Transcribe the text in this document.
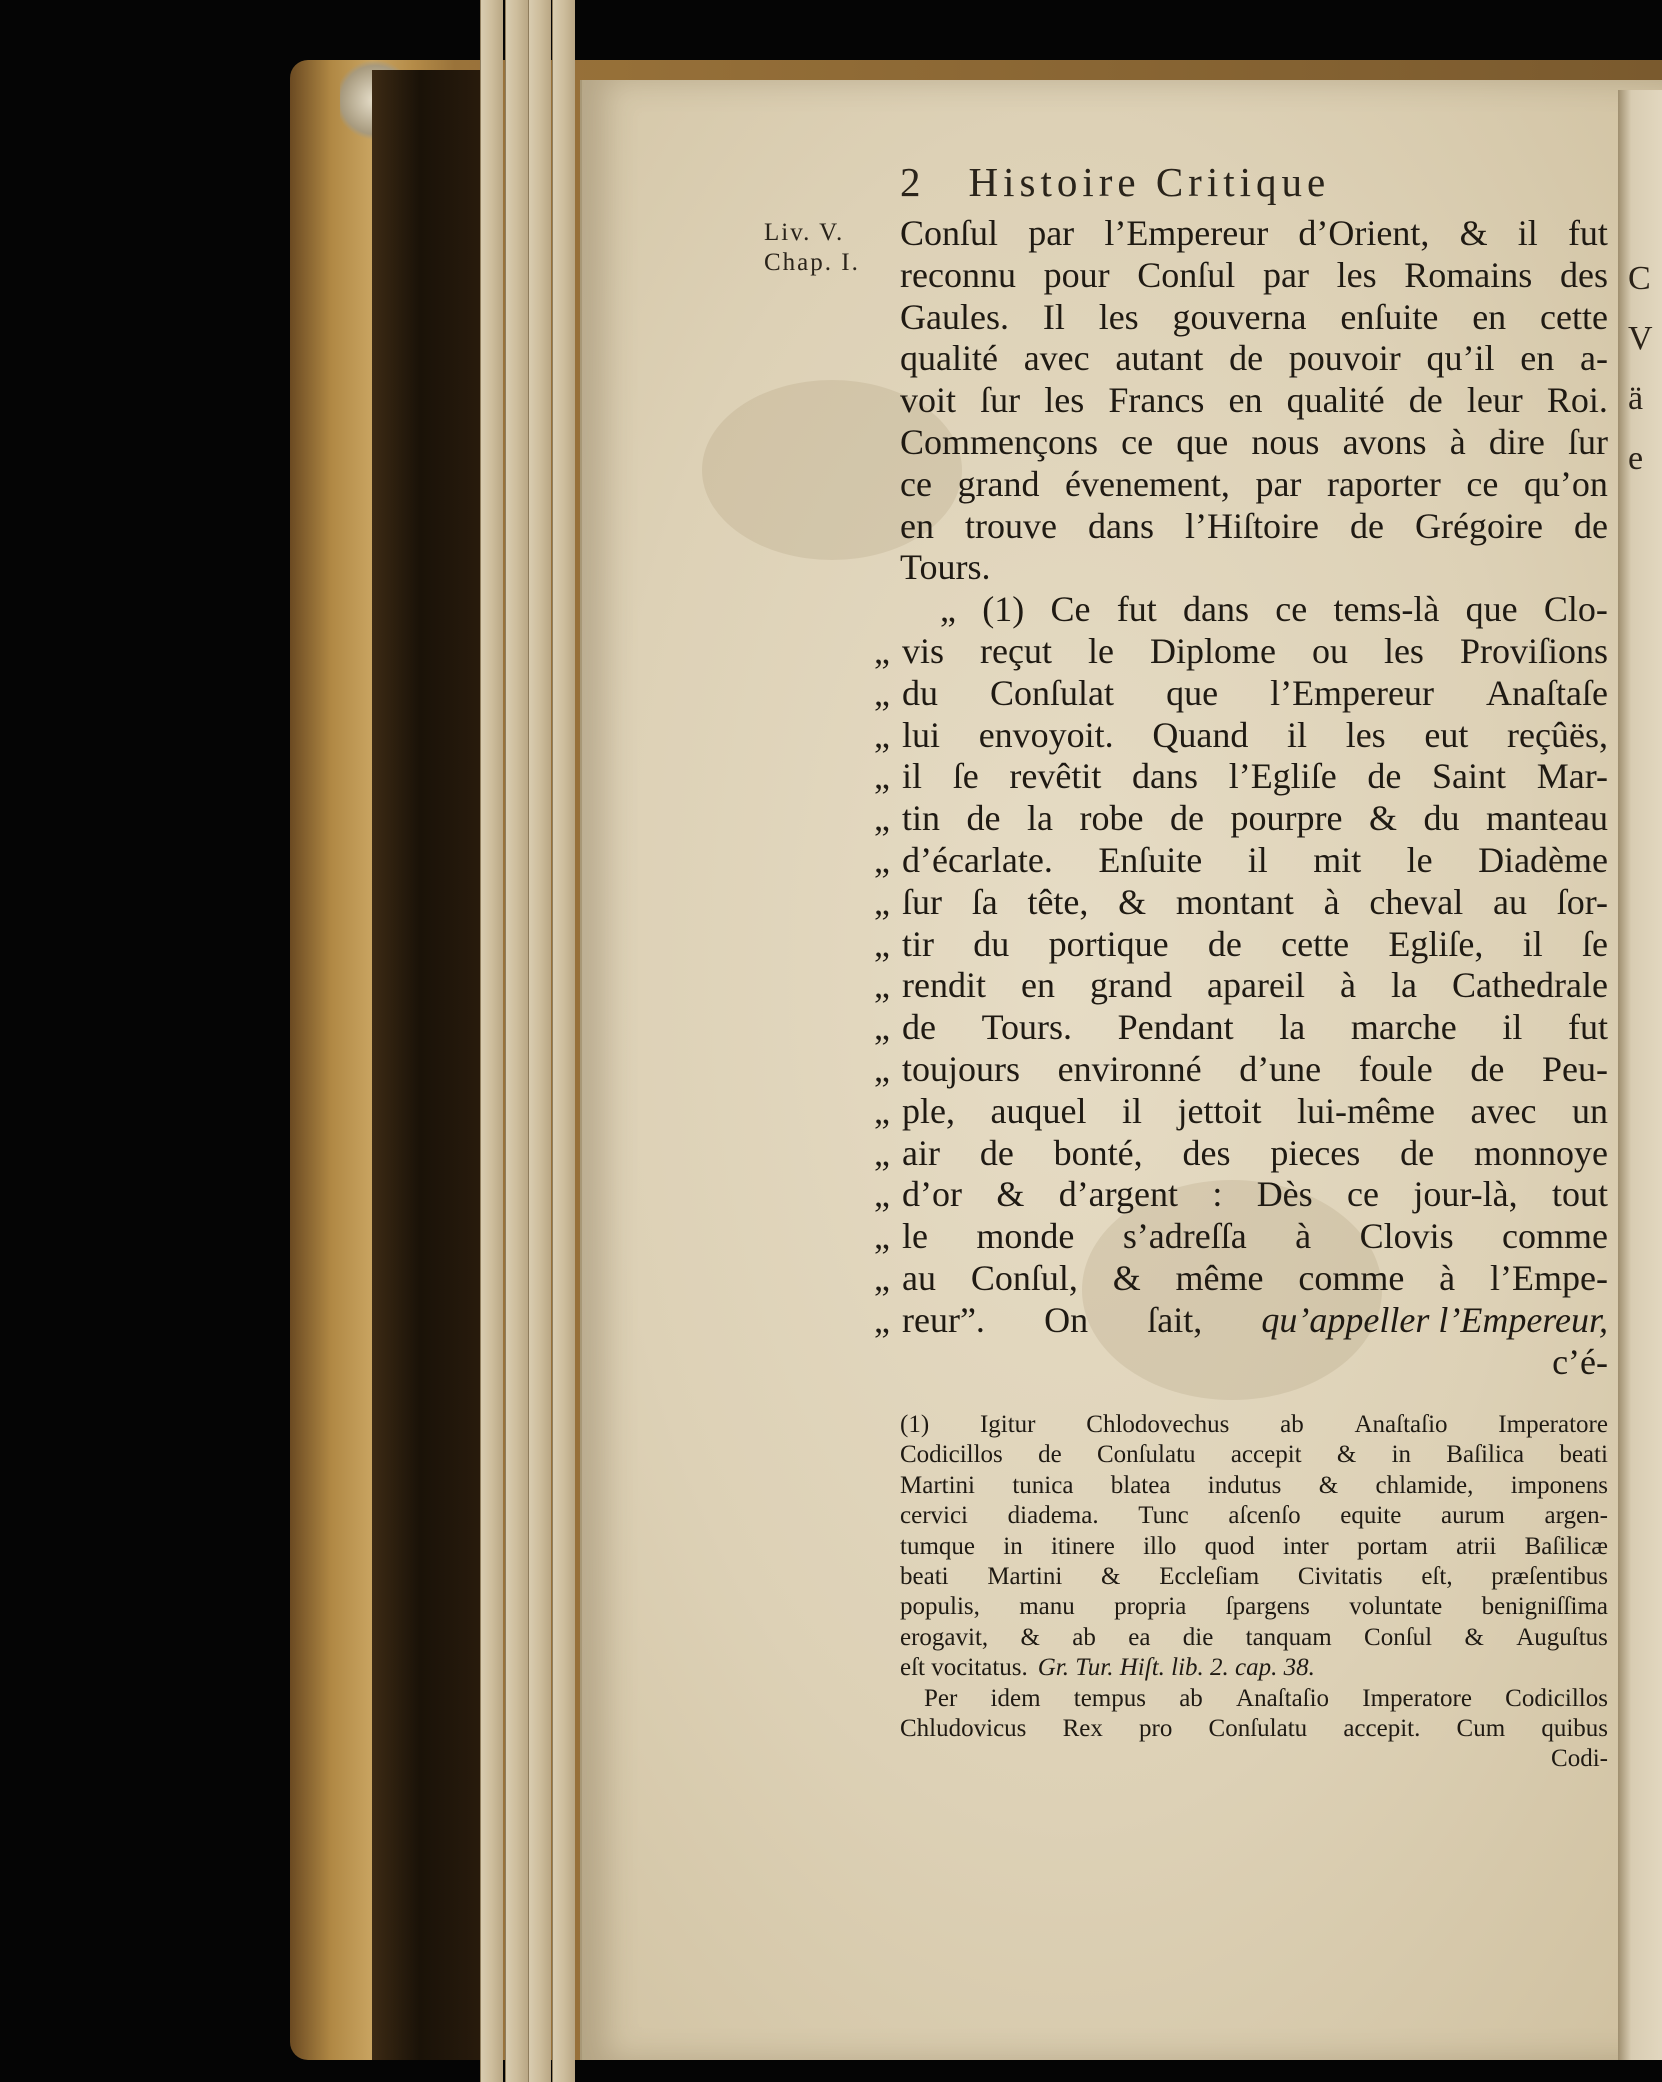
C
V
ä
e
2 Histoire Critique
Liv. V.
Chap. I.
Conſul par l’Empereur d’Orient, & il fut
reconnu pour Conſul par les Romains des
Gaules. Il les gouverna enſuite en cette
qualité avec autant de pouvoir qu’il en a-
voit ſur les Francs en qualité de leur Roi.
Commençons ce que nous avons à dire ſur
ce grand évenement, par raporter ce qu’on
en trouve dans l’Hiſtoire de Grégoire de
Tours.
„ (1) Ce fut dans ce tems-là que Clo-
„ vis reçut le Diplome ou les Proviſions
„ du Conſulat que l’Empereur Anaſtaſe
„ lui envoyoit. Quand il les eut reçûës,
„ il ſe revêtit dans l’Egliſe de Saint Mar-
„ tin de la robe de pourpre & du manteau
„ d’écarlate. Enſuite il mit le Diadème
„ ſur ſa tête, & montant à cheval au ſor-
„ tir du portique de cette Egliſe, il ſe
„ rendit en grand apareil à la Cathedrale
„ de Tours. Pendant la marche il fut
„ toujours environné d’une foule de Peu-
„ ple, auquel il jettoit lui-même avec un
„ air de bonté, des pieces de monnoye
„ d’or & d’argent : Dès ce jour-là, tout
„ le monde s’adreſſa à Clovis comme
„ au Conſul, & même comme à l’Empe-
„ reur”. On ſait, qu’appeller l’Empereur,
c’é-
(1) Igitur Chlodovechus ab Anaſtaſio Imperatore
Codicillos de Conſulatu accepit & in Baſilica beati
Martini tunica blatea indutus & chlamide, imponens
cervici diadema. Tunc aſcenſo equite aurum argen-
tumque in itinere illo quod inter portam atrii Baſilicæ
beati Martini & Eccleſiam Civitatis eſt, præſentibus
populis, manu propria ſpargens voluntate benigniſſima
erogavit, & ab ea die tanquam Conſul & Auguſtus
eſt vocitatus. Gr. Tur. Hiſt. lib. 2. cap. 38.
Per idem tempus ab Anaſtaſio Imperatore Codicillos
Chludovicus Rex pro Conſulatu accepit. Cum quibus
Codi-
